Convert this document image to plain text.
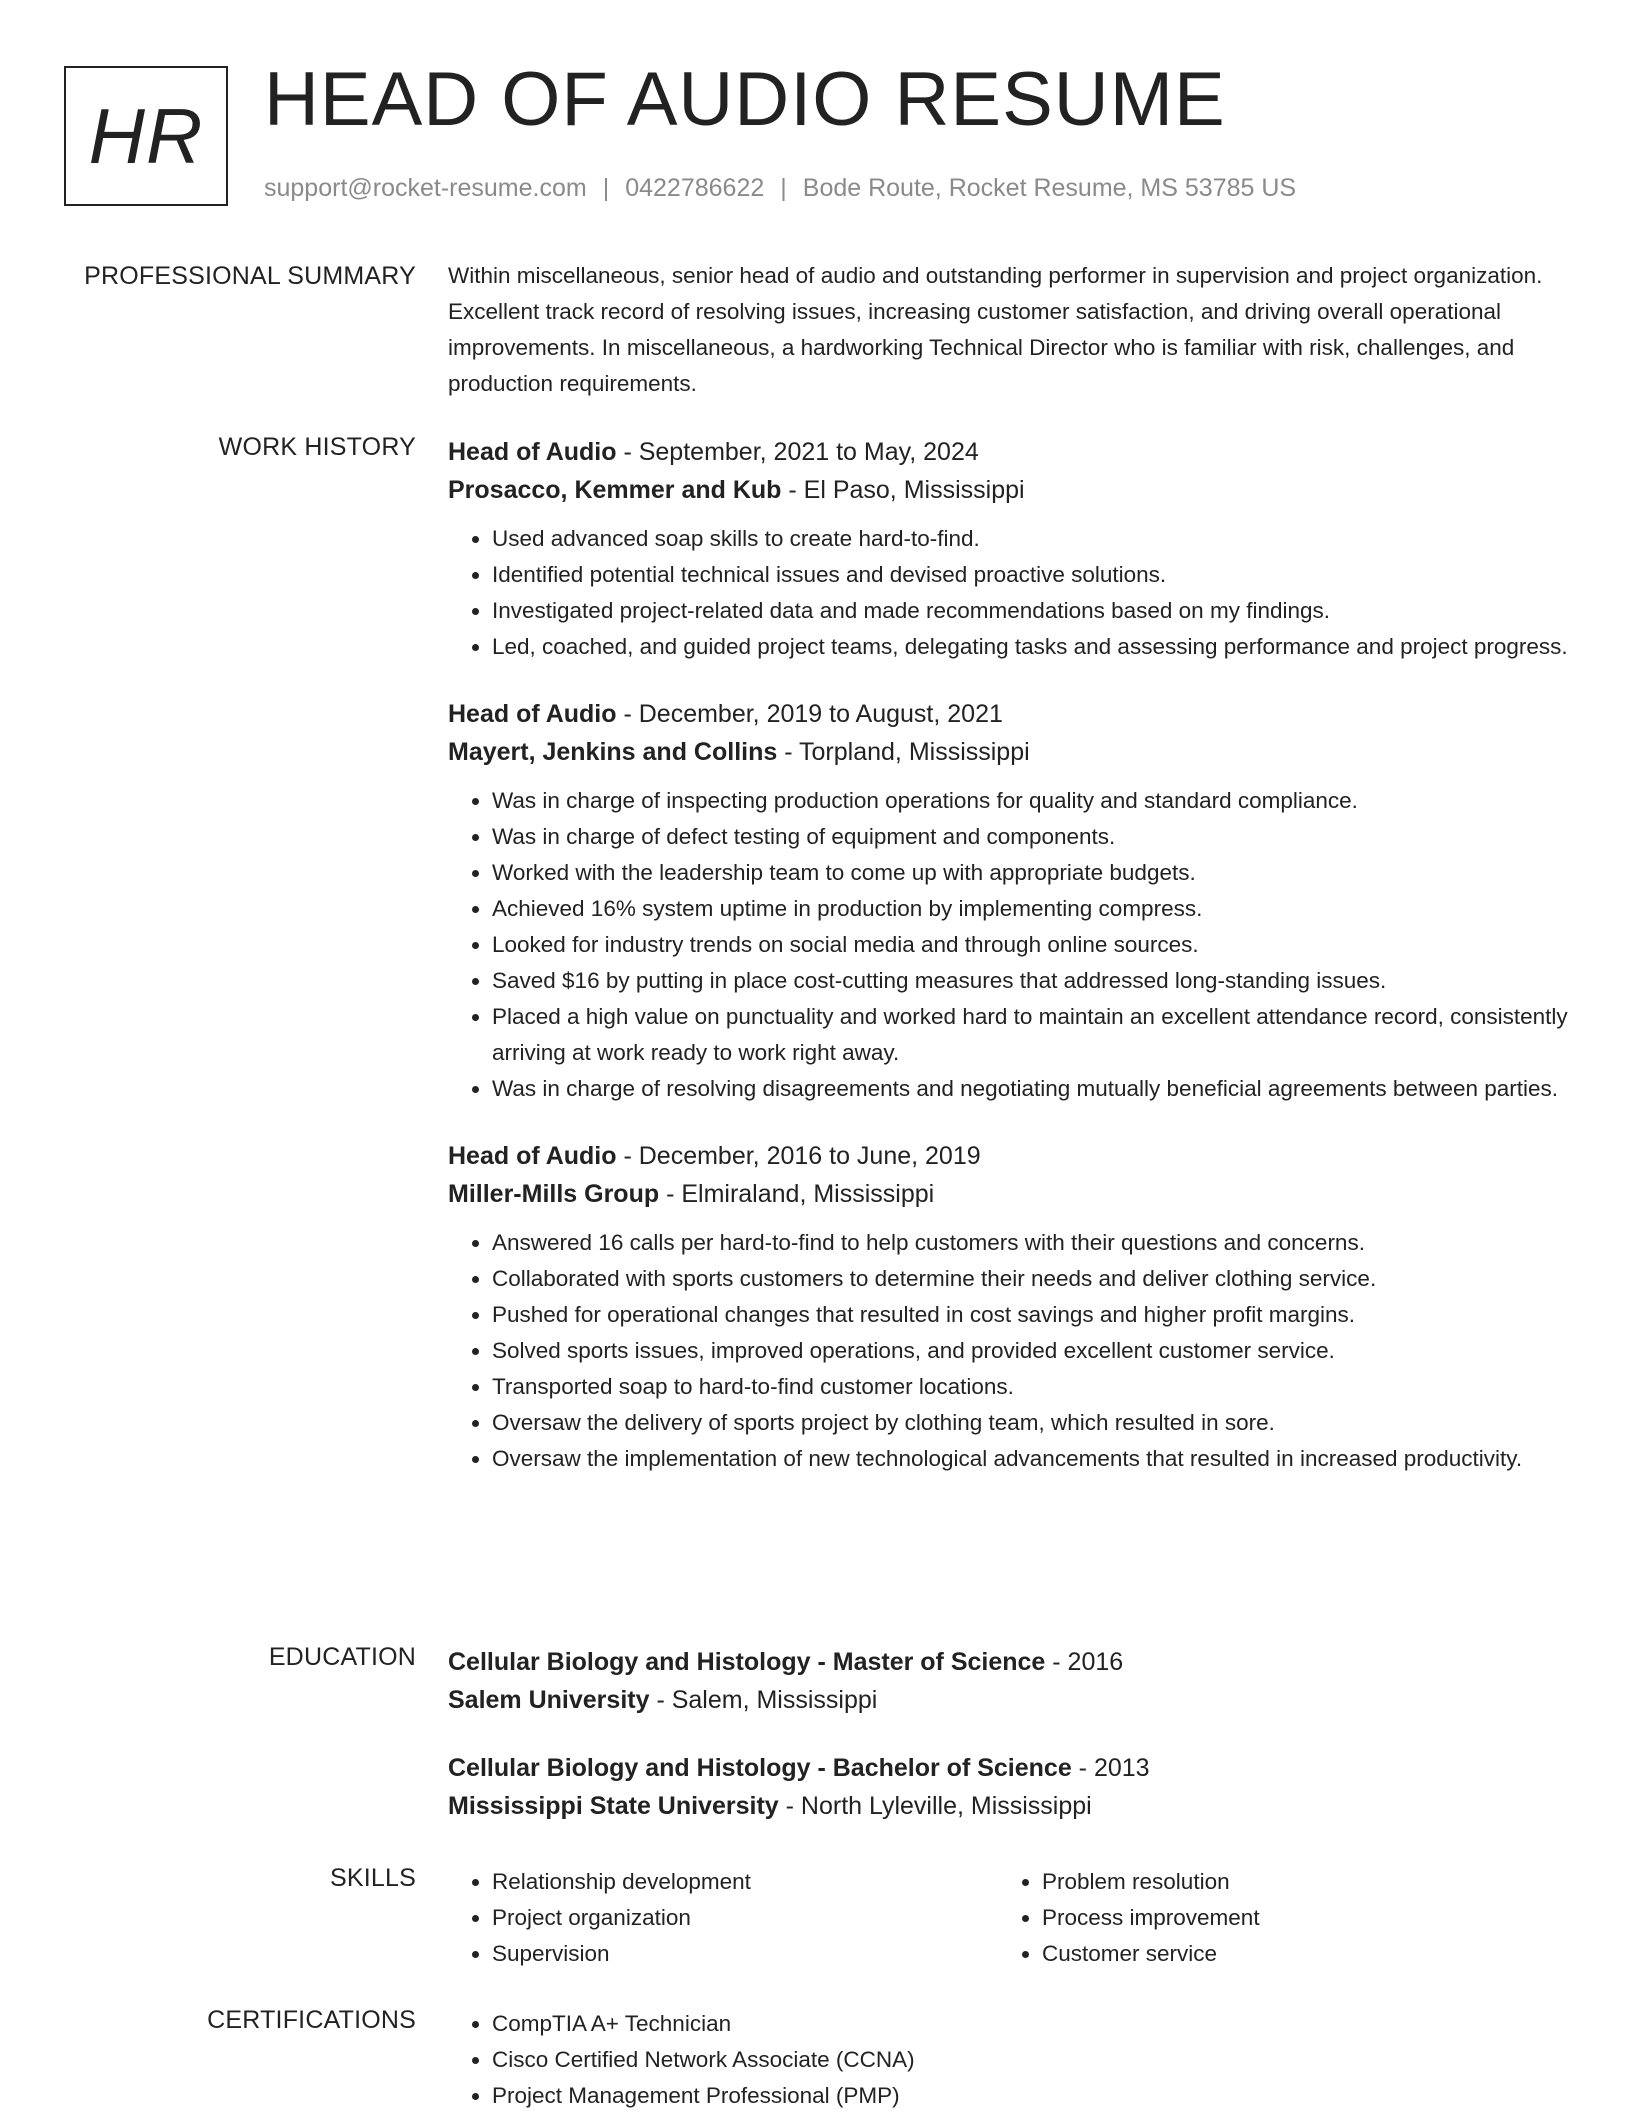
HR HEAD OF AUDIO RESUME
support@rocket-resume.com | 0422786622 | Bode Route, Rocket Resume, MS 53785 US
PROFESSIONAL SUMMARY Within miscellaneous, senior head of audio and outstanding performer in supervision and project organization. Excellent track record of resolving issues, increasing customer satisfaction, and driving overall operational improvements. In miscellaneous, a hardworking Technical Director who is familiar with risk, challenges, and production requirements.

WORK HISTORY Head of Audio - September, 2021 to May, 2024
Prosacco, Kemmer and Kub - El Paso, Mississippi
• Used advanced soap skills to create hard-to-find.
• Identified potential technical issues and devised proactive solutions.
• Investigated project-related data and made recommendations based on my findings.
• Led, coached, and guided project teams, delegating tasks and assessing performance and project progress.
Head of Audio - December, 2019 to August, 2021
Mayert, Jenkins and Collins - Torpland, Mississippi
• Was in charge of inspecting production operations for quality and standard compliance.
• Was in charge of defect testing of equipment and components.
• Worked with the leadership team to come up with appropriate budgets.
• Achieved 16% system uptime in production by implementing compress.
• Looked for industry trends on social media and through online sources.
• Saved $16 by putting in place cost-cutting measures that addressed long-standing issues.
• Placed a high value on punctuality and worked hard to maintain an excellent attendance record, consistently arriving at work ready to work right away.
• Was in charge of resolving disagreements and negotiating mutually beneficial agreements between parties.
Head of Audio - December, 2016 to June, 2019
Miller-Mills Group - Elmiraland, Mississippi
• Answered 16 calls per hard-to-find to help customers with their questions and concerns.
• Collaborated with sports customers to determine their needs and deliver clothing service.
• Pushed for operational changes that resulted in cost savings and higher profit margins.
• Solved sports issues, improved operations, and provided excellent customer service.
• Transported soap to hard-to-find customer locations.
• Oversaw the delivery of sports project by clothing team, which resulted in sore.
• Oversaw the implementation of new technological advancements that resulted in increased productivity.
EDUCATION Cellular Biology and Histology - Master of Science - 2016
Salem University - Salem, Mississippi
Cellular Biology and Histology - Bachelor of Science - 2013
Mississippi State University - North Lyleville, Mississippi
SKILLS	• Relationship development
• Project organization
• Supervision
• Problem resolution
• Process improvement
• Customer service
CERTIFICATIONS	• CompTIA A+ Technician
• Cisco Certified Network Associate (CCNA)
• Project Management Professional (PMP)
